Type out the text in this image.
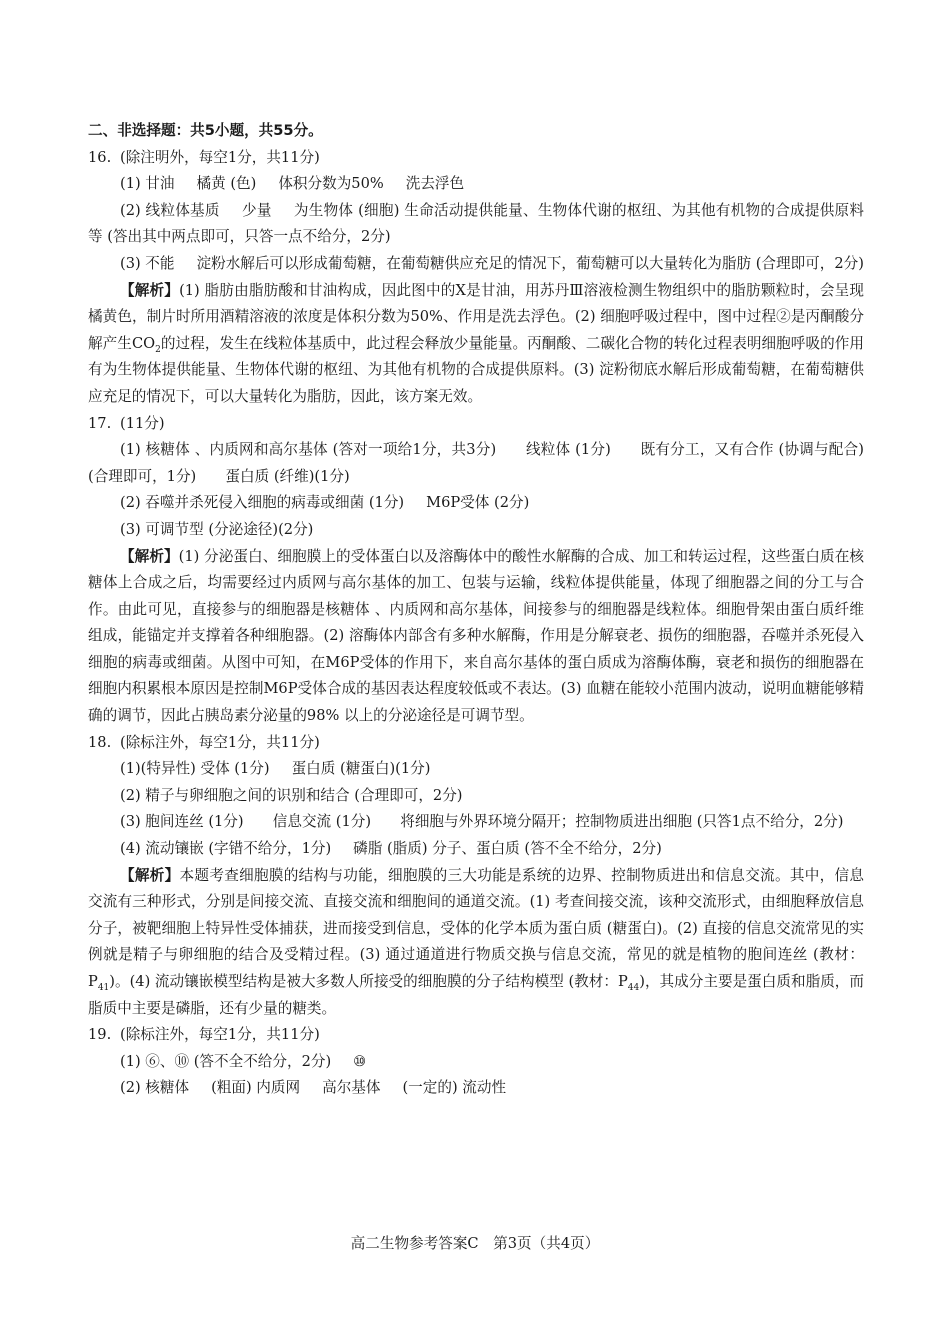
二、非选择题：共5小题，共55分。

16. (除注明外，每空1分，共11分)

(1) 甘油 橘黄 (色) 体积分数为50% 洗去浮色

(2) 线粒体基质 少量 为生物体 (细胞) 生命活动提供能量、生物体代谢的枢纽、为其他有机物的合成提供原料等 (答出其中两点即可，只答一点不给分，2分)

(3) 不能 淀粉水解后可以形成葡萄糖，在葡萄糖供应充足的情况下，葡萄糖可以大量转化为脂肪 (合理即可，2分)

【解析】(1) 脂肪由脂肪酸和甘油构成，因此图中的X是甘油，用苏丹Ⅲ溶液检测生物组织中的脂肪颗粒时，会呈现橘黄色，制片时所用酒精溶液的浓度是体积分数为50%、作用是洗去浮色。(2) 细胞呼吸过程中，图中过程②是丙酮酸分解产生$CO_2$的过程，发生在线粒体基质中，此过程会释放少量能量。丙酮酸、二碳化合物的转化过程表明细胞呼吸的作用有为生物体提供能量、生物体代谢的枢纽、为其他有机物的合成提供原料。(3) 淀粉彻底水解后形成葡萄糖，在葡萄糖供应充足的情况下，可以大量转化为脂肪，因此，该方案无效。

17. (11分)

(1) 核糖体 、内质网和高尔基体 (答对一项给1分，共3分)　　线粒体 (1分)　　既有分工，又有合作 (协调与配合)(合理即可，1分)　　蛋白质 (纤维)(1分)

(2) 吞噬并杀死侵入细胞的病毒或细菌 (1分) M6P受体 (2分)

(3) 可调节型 (分泌途径)(2分)

【解析】(1) 分泌蛋白、细胞膜上的受体蛋白以及溶酶体中的酸性水解酶的合成、加工和转运过程，这些蛋白质在核糖体上合成之后，均需要经过内质网与高尔基体的加工、包装与运输，线粒体提供能量，体现了细胞器之间的分工与合作。由此可见，直接参与的细胞器是核糖体 、内质网和高尔基体，间接参与的细胞器是线粒体。细胞骨架由蛋白质纤维组成，能锚定并支撑着各种细胞器。(2) 溶酶体内部含有多种水解酶，作用是分解衰老、损伤的细胞器，吞噬并杀死侵入细胞的病毒或细菌。从图中可知，在M6P受体的作用下，来自高尔基体的蛋白质成为溶酶体酶，衰老和损伤的细胞器在细胞内积累根本原因是控制M6P受体合成的基因表达程度较低或不表达。(3) 血糖在能较小范围内波动，说明血糖能够精确的调节，因此占胰岛素分泌量的98% 以上的分泌途径是可调节型。

18. (除标注外，每空1分，共11分)

(1)(特异性) 受体 (1分) 蛋白质 (糖蛋白)(1分)

(2) 精子与卵细胞之间的识别和结合 (合理即可，2分)

(3) 胞间连丝 (1分)　　信息交流 (1分)　　将细胞与外界环境分隔开；控制物质进出细胞 (只答1点不给分，2分)

(4) 流动镶嵌 (字错不给分，1分) 磷脂 (脂质) 分子、蛋白质 (答不全不给分，2分)

【解析】本题考查细胞膜的结构与功能，细胞膜的三大功能是系统的边界、控制物质进出和信息交流。其中，信息交流有三种形式，分别是间接交流、直接交流和细胞间的通道交流。(1) 考查间接交流，该种交流形式，由细胞释放信息分子，被靶细胞上特异性受体捕获，进而接受到信息，受体的化学本质为蛋白质 (糖蛋白)。(2) 直接的信息交流常见的实例就是精子与卵细胞的结合及受精过程。(3) 通过通道进行物质交换与信息交流，常见的就是植物的胞间连丝 (教材：$P_{41}$)。(4) 流动镶嵌模型结构是被大多数人所接受的细胞膜的分子结构模型 (教材：$P_{44}$)，其成分主要是蛋白质和脂质，而脂质中主要是磷脂，还有少量的糖类。

19. (除标注外，每空1分，共11分)

(1) ⑥、⑩ (答不全不给分，2分) ⑩

(2) 核糖体 (粗面) 内质网 高尔基体 (一定的) 流动性

高二生物参考答案C　第3页（共4页）
